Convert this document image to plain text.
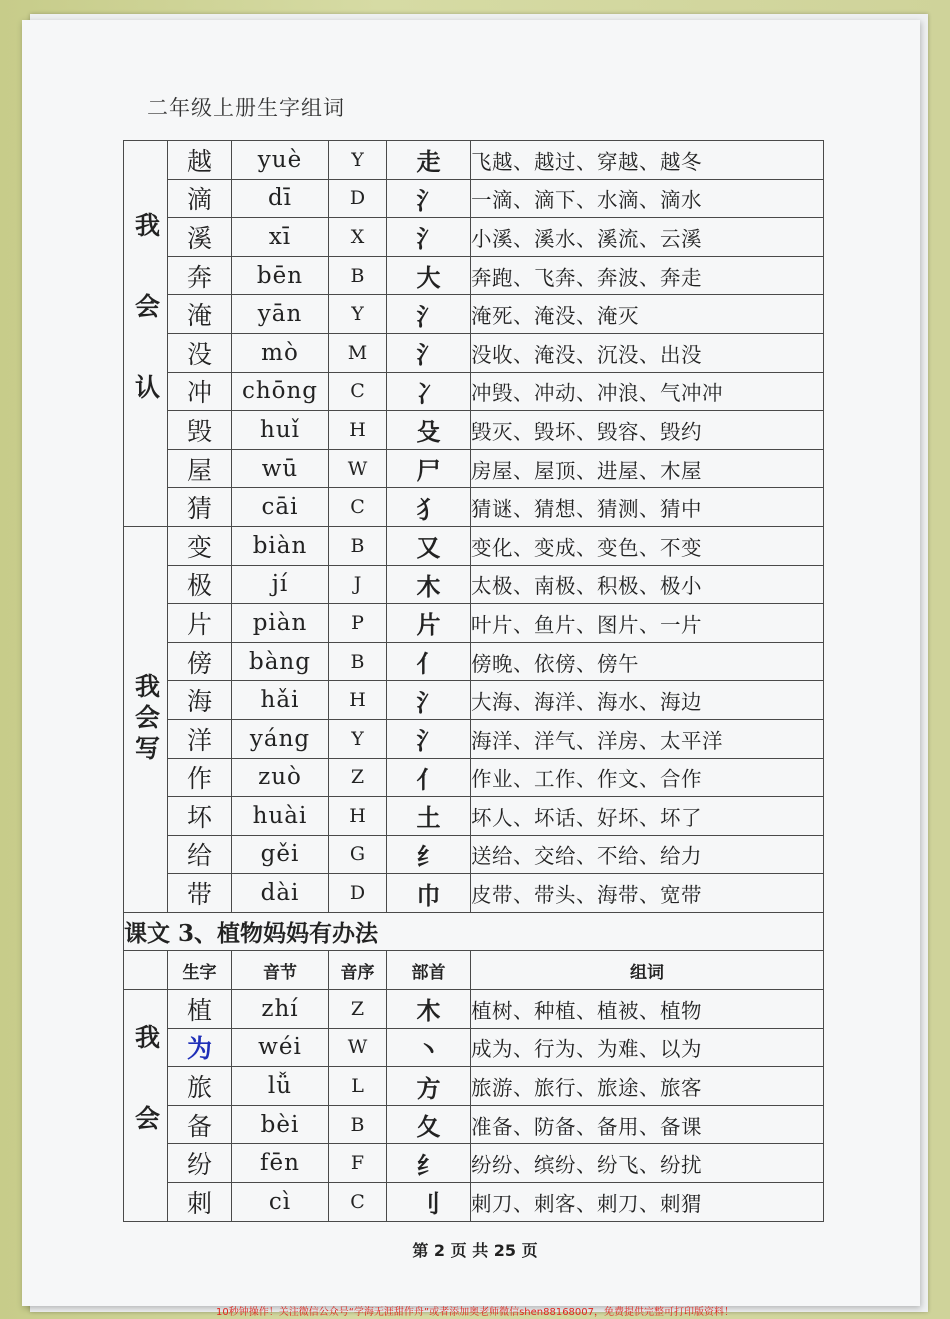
二年级上册生字组词
我会认	越	yuè	Y	走	飞越、越过、穿越、越冬
	滴	dī	D	氵	一滴、滴下、水滴、滴水
	溪	xī	X	氵	小溪、溪水、溪流、云溪
	奔	bēn	B	大	奔跑、飞奔、奔波、奔走
	淹	yān	Y	氵	淹死、淹没、淹灭
	没	mò	M	氵	没收、淹没、沉没、出没
	冲	chōng	C	冫	冲毁、冲动、冲浪、气冲冲
	毁	huǐ	H	殳	毁灭、毁坏、毁容、毁约
	屋	wū	W	尸	房屋、屋顶、进屋、木屋
	猜	cāi	C	犭	猜谜、猜想、猜测、猜中
我会写	变	biàn	B	又	变化、变成、变色、不变
	极	jí	J	木	太极、南极、积极、极小
	片	piàn	P	片	叶片、鱼片、图片、一片
	傍	bàng	B	亻	傍晚、依傍、傍午
	海	hǎi	H	氵	大海、海洋、海水、海边
	洋	yáng	Y	氵	海洋、洋气、洋房、太平洋
	作	zuò	Z	亻	作业、工作、作文、合作
	坏	huài	H	土	坏人、坏话、好坏、坏了
	给	gěi	G	纟	送给、交给、不给、给力
	带	dài	D	巾	皮带、带头、海带、宽带
课文 3、植物妈妈有办法					
	生字	音节	音序	部首	组词
我会	植	zhí	Z	木	植树、种植、植被、植物
	为	wéi	W	丶	成为、行为、为难、以为
	旅	lǚ	L	方	旅游、旅行、旅途、旅客
	备	bèi	B	夂	准备、防备、备用、备课
	纷	fēn	F	纟	纷纷、缤纷、纷飞、纷扰
	刺	cì	C	刂	刺刀、刺客、刺刀、刺猬
第 2 页 共 25 页
10秒钟操作！关注微信公众号“学海无涯甜作舟”或者添加奥老师微信shen88168007，免费提供完整可打印版资料！
